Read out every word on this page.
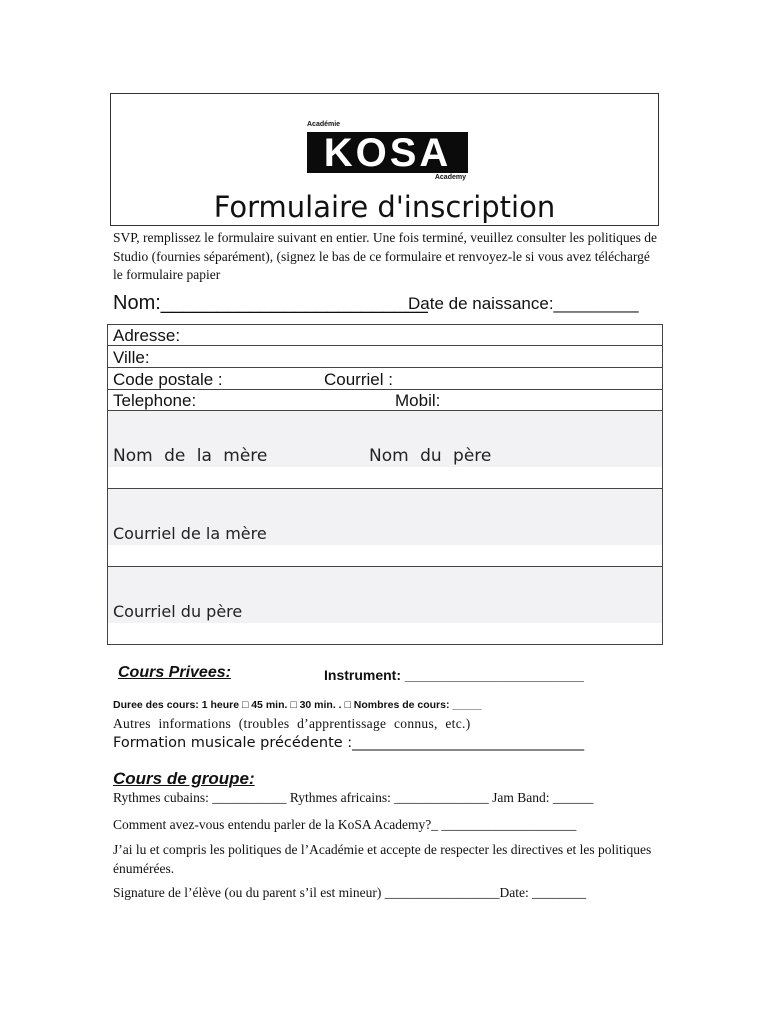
Académie
KOSA
Academy
Formulaire d'inscription
SVP, remplissez le formulaire suivant en entier. Une fois terminé, veuillez consulter les politiques de Studio (fournies séparément), (signez le bas de ce formulaire et renvoyez-le si vous avez téléchargé le formulaire papier
Nom:________________________
Date de naissance:_________
Adresse:
Ville:
Code postale :	Courriel :
Telephone:	Mobil:
Nom de la mère	Nom du père
Courriel de la mère
Courriel du père
Cours Privees:	Instrument: _______________________
Duree des cours: 1 heure □ 45 min. □ 30 min. . □ Nombres de cours: _____
Autres informations (troubles d’apprentissage connus, etc.)
Formation musicale précédente :________________________________
Cours de groupe:
Rythmes cubains: ___________ Rythmes africains: ______________ Jam Band: ______
Comment avez-vous entendu parler de la KoSA Academy?_ ____________________
J’ai lu et compris les politiques de l’Académie et accepte de respecter les directives et les politiques énumérées.
Signature de l’élève (ou du parent s’il est mineur) _________________Date: ________
